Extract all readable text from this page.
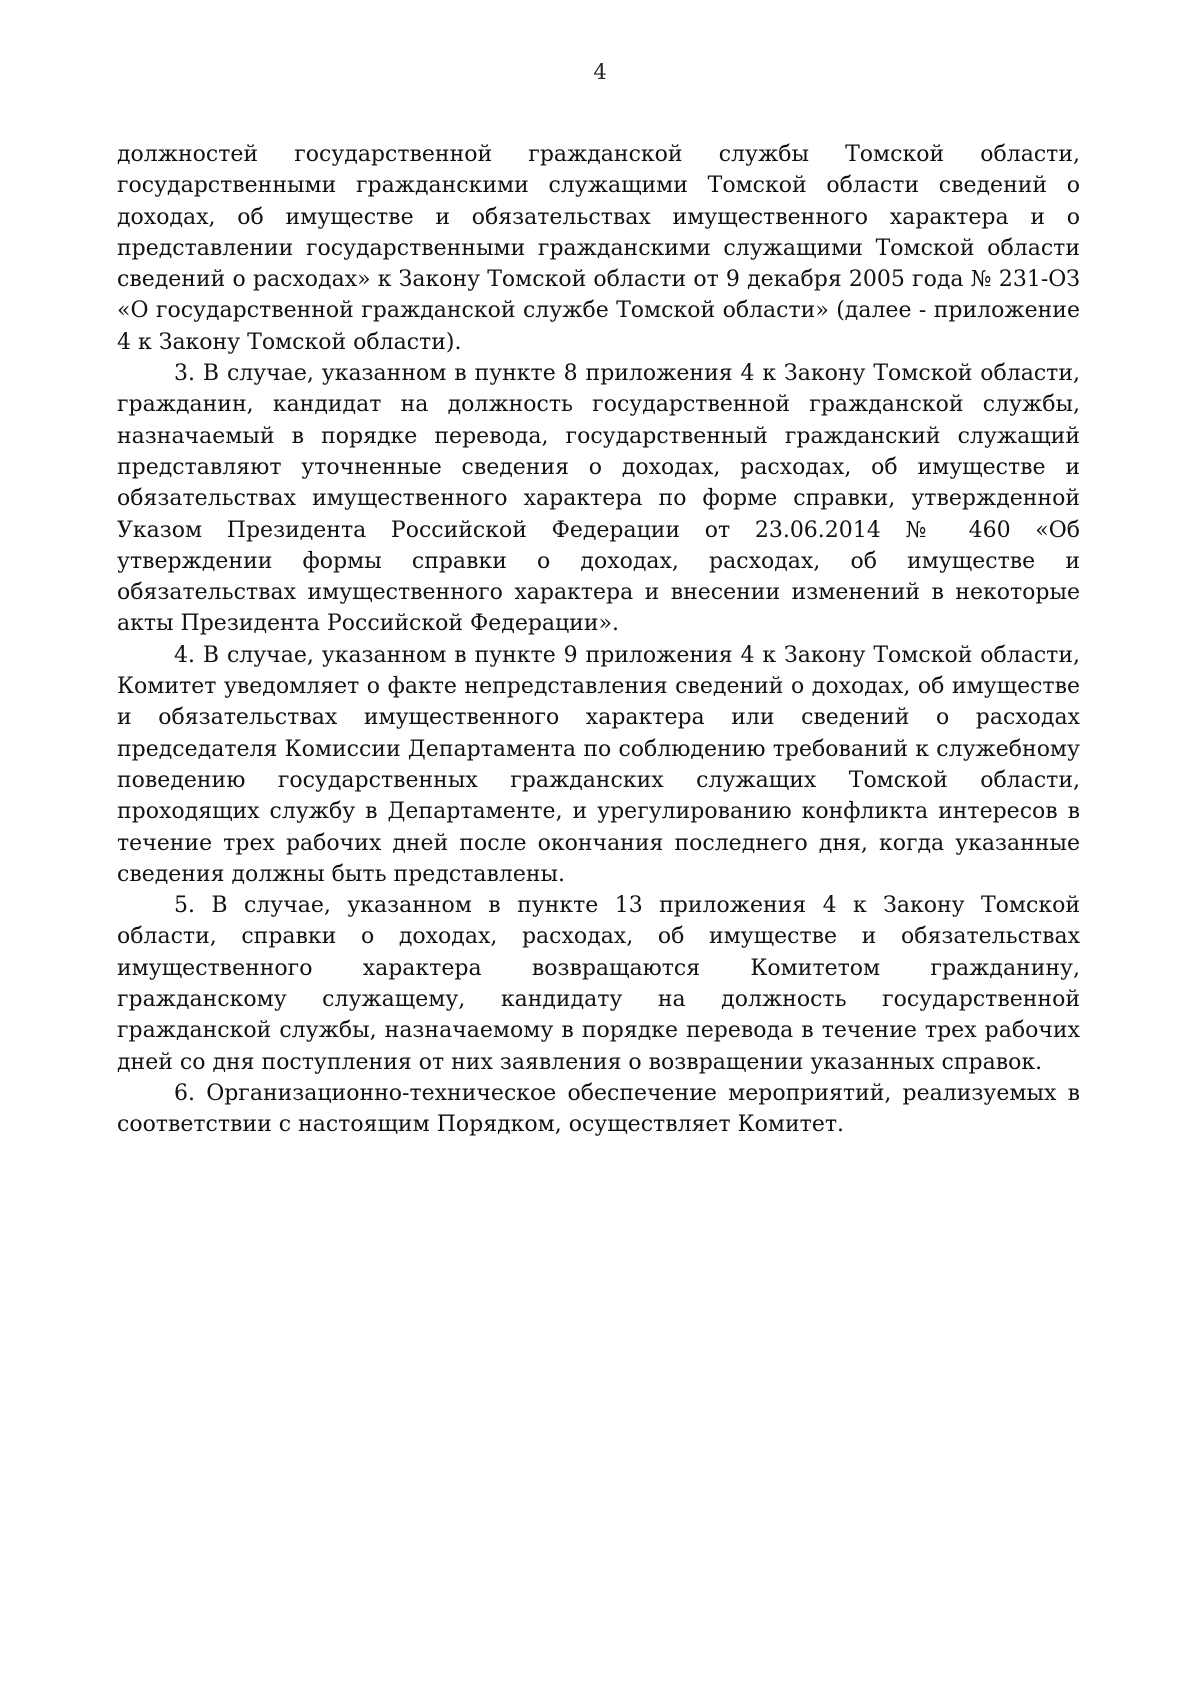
4

должностей государственной гражданской службы Томской области, государственными гражданскими служащими Томской области сведений о доходах, об имуществе и обязательствах имущественного характера и о представлении государственными гражданскими служащими Томской области сведений о расходах» к Закону Томской области от 9 декабря 2005 года № 231-ОЗ «О государственной гражданской службе Томской области» (далее - приложение 4 к Закону Томской области).

3. В случае, указанном в пункте 8 приложения 4 к Закону Томской области, гражданин, кандидат на должность государственной гражданской службы, назначаемый в порядке перевода, государственный гражданский служащий представляют уточненные сведения о доходах, расходах, об имуществе и обязательствах имущественного характера по форме справки, утвержденной Указом Президента Российской Федерации от 23.06.2014 № 460 «Об утверждении формы справки о доходах, расходах, об имуществе и обязательствах имущественного характера и внесении изменений в некоторые акты Президента Российской Федерации».

4. В случае, указанном в пункте 9 приложения 4 к Закону Томской области, Комитет уведомляет о факте непредставления сведений о доходах, об имуществе и обязательствах имущественного характера или сведений о расходах председателя Комиссии Департамента по соблюдению требований к служебному поведению государственных гражданских служащих Томской области, проходящих службу в Департаменте, и урегулированию конфликта интересов в течение трех рабочих дней после окончания последнего дня, когда указанные сведения должны быть представлены.

5. В случае, указанном в пункте 13 приложения 4 к Закону Томской области, справки о доходах, расходах, об имуществе и обязательствах имущественного характера возвращаются Комитетом гражданину, гражданскому служащему, кандидату на должность государственной гражданской службы, назначаемому в порядке перевода в течение трех рабочих дней со дня поступления от них заявления о возвращении указанных справок.

6. Организационно-техническое обеспечение мероприятий, реализуемых в соответствии с настоящим Порядком, осуществляет Комитет.
